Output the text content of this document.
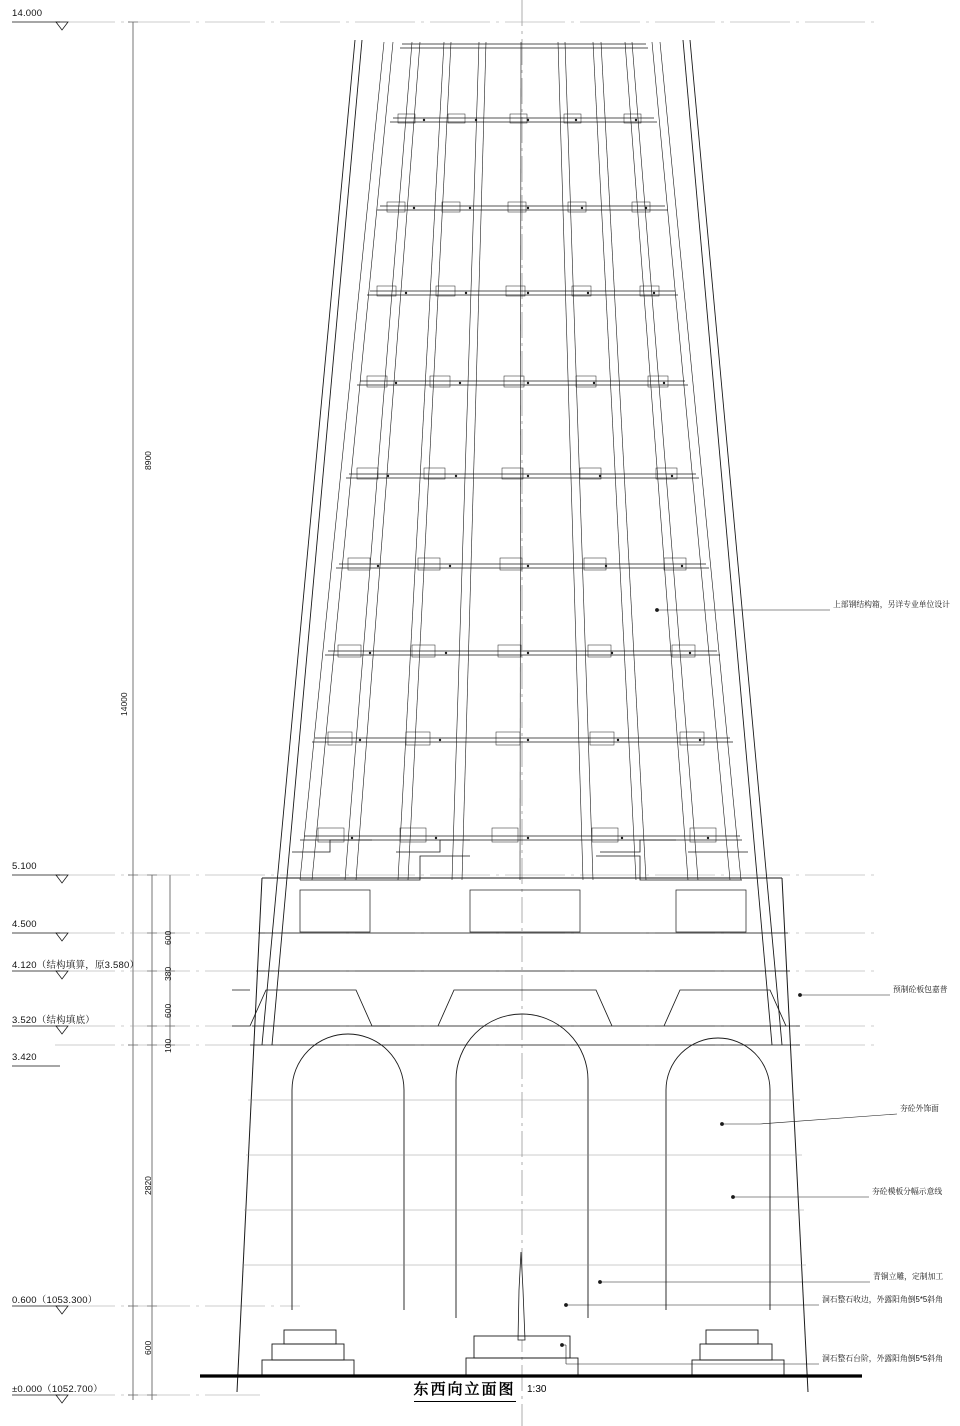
14.000
5.100
4.500
4.120（结构填算，原3.580）
3.520（结构填底）
3.420
0.600（1053.300）
±0.000（1052.700）
8900
14000
600
380
600
100
2820
600
上部钢结构箱，另详专业单位设计
预制砼板包嘉普
夯砼外饰面
夯砼模板分幅示意线
青铜立雕，定制加工
洞石整石收边，外露阳角倒5*5斜角
洞石整石台阶，外露阳角倒5*5斜角
东西向立面图 1:30
